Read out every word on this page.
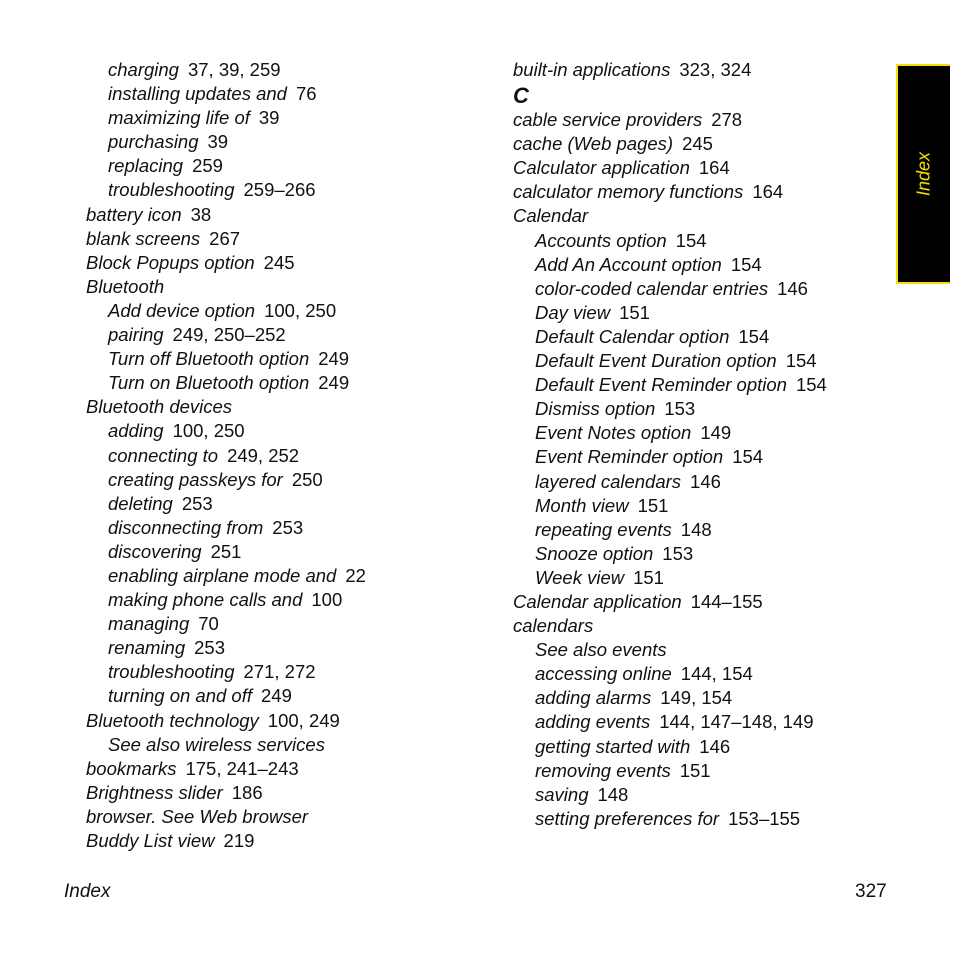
charging 37, 39, 259
installing updates and 76
maximizing life of 39
purchasing 39
replacing 259
troubleshooting 259–266
battery icon 38
blank screens 267
Block Popups option 245
Bluetooth
Add device option 100, 250
pairing 249, 250–252
Turn off Bluetooth option 249
Turn on Bluetooth option 249
Bluetooth devices
adding 100, 250
connecting to 249, 252
creating passkeys for 250
deleting 253
disconnecting from 253
discovering 251
enabling airplane mode and 22
making phone calls and 100
managing 70
renaming 253
troubleshooting 271, 272
turning on and off 249
Bluetooth technology 100, 249
See also wireless services
bookmarks 175, 241–243
Brightness slider 186
browser. See Web browser
Buddy List view 219
built-in applications 323, 324
C
cable service providers 278
cache (Web pages) 245
Calculator application 164
calculator memory functions 164
Calendar
Accounts option 154
Add An Account option 154
color-coded calendar entries 146
Day view 151
Default Calendar option 154
Default Event Duration option 154
Default Event Reminder option 154
Dismiss option 153
Event Notes option 149
Event Reminder option 154
layered calendars 146
Month view 151
repeating events 148
Snooze option 153
Week view 151
Calendar application 144–155
calendars
See also events
accessing online 144, 154
adding alarms 149, 154
adding events 144, 147–148, 149
getting started with 146
removing events 151
saving 148
setting preferences for 153–155
Index
Index	327
